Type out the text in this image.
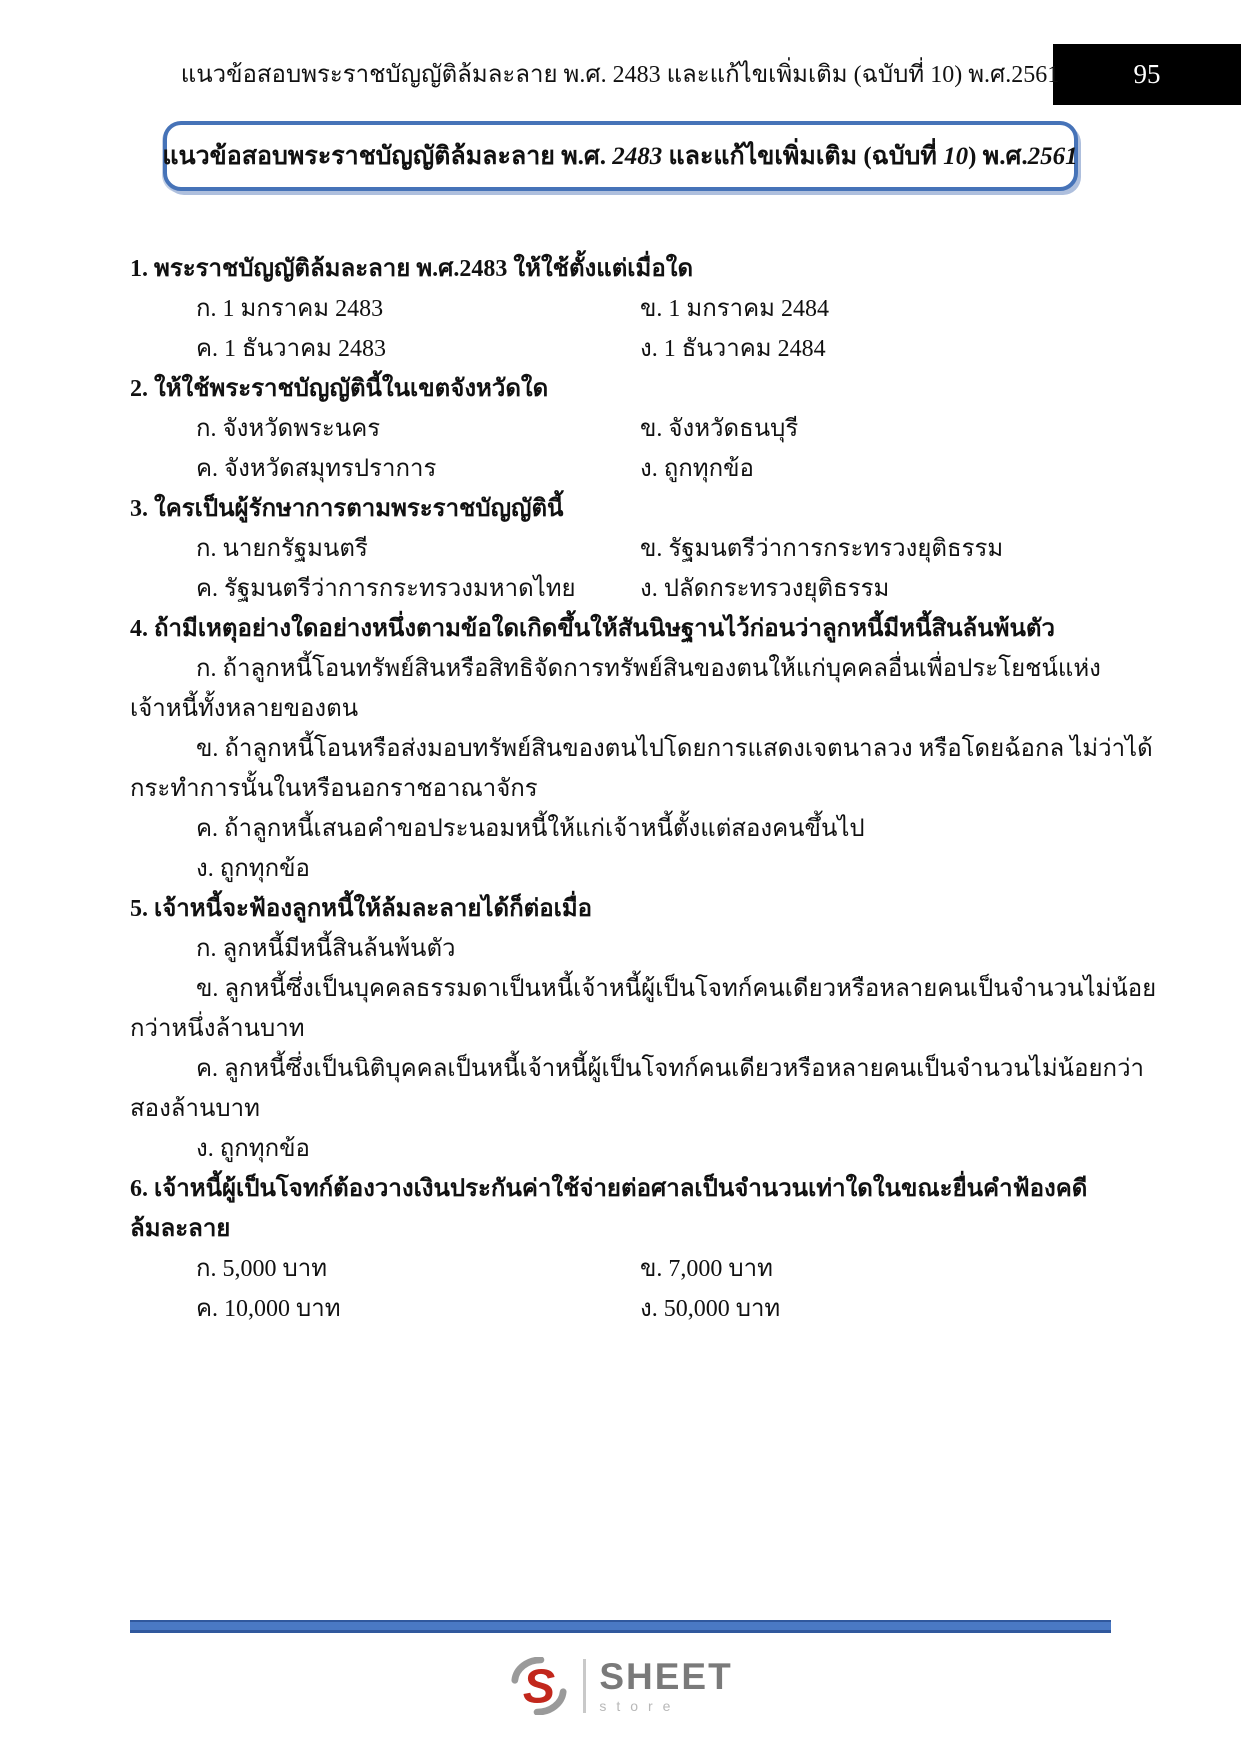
95
แนวข้อสอบพระราชบัญญัติล้มละลาย พ.ศ. 2483 และแก้ไขเพิ่มเติม (ฉบับที่ 10) พ.ศ.2561
แนวข้อสอบพระราชบัญญัติล้มละลาย พ.ศ. 2483 และแก้ไขเพิ่มเติม (ฉบับที่ 10) พ.ศ.2561
1. พระราชบัญญัติล้มละลาย พ.ศ.2483 ให้ใช้ตั้งแต่เมื่อใด
ก. 1 มกราคม 2483	ข. 1 มกราคม 2484
ค. 1 ธันวาคม 2483	ง. 1 ธันวาคม 2484
2. ให้ใช้พระราชบัญญัตินี้ในเขตจังหวัดใด
ก. จังหวัดพระนคร	ข. จังหวัดธนบุรี
ค. จังหวัดสมุทรปราการ	ง. ถูกทุกข้อ
3. ใครเป็นผู้รักษาการตามพระราชบัญญัตินี้
ก. นายกรัฐมนตรี	ข. รัฐมนตรีว่าการกระทรวงยุติธรรม
ค. รัฐมนตรีว่าการกระทรวงมหาดไทย	ง. ปลัดกระทรวงยุติธรรม
4. ถ้ามีเหตุอย่างใดอย่างหนึ่งตามข้อใดเกิดขึ้นให้สันนิษฐานไว้ก่อนว่าลูกหนี้มีหนี้สินล้นพ้นตัว
ก. ถ้าลูกหนี้โอนทรัพย์สินหรือสิทธิจัดการทรัพย์สินของตนให้แก่บุคคลอื่นเพื่อประโยชน์แห่ง
เจ้าหนี้ทั้งหลายของตน
ข. ถ้าลูกหนี้โอนหรือส่งมอบทรัพย์สินของตนไปโดยการแสดงเจตนาลวง หรือโดยฉ้อกล ไม่ว่าได้
กระทำการนั้นในหรือนอกราชอาณาจักร
ค. ถ้าลูกหนี้เสนอคำขอประนอมหนี้ให้แก่เจ้าหนี้ตั้งแต่สองคนขึ้นไป
ง. ถูกทุกข้อ
5. เจ้าหนี้จะฟ้องลูกหนี้ให้ล้มละลายได้ก็ต่อเมื่อ
ก. ลูกหนี้มีหนี้สินล้นพ้นตัว
ข. ลูกหนี้ซึ่งเป็นบุคคลธรรมดาเป็นหนี้เจ้าหนี้ผู้เป็นโจทก์คนเดียวหรือหลายคนเป็นจำนวนไม่น้อย
กว่าหนึ่งล้านบาท
ค. ลูกหนี้ซึ่งเป็นนิติบุคคลเป็นหนี้เจ้าหนี้ผู้เป็นโจทก์คนเดียวหรือหลายคนเป็นจำนวนไม่น้อยกว่า
สองล้านบาท
ง. ถูกทุกข้อ
6. เจ้าหนี้ผู้เป็นโจทก์ต้องวางเงินประกันค่าใช้จ่ายต่อศาลเป็นจำนวนเท่าใดในขณะยื่นคำฟ้องคดี
ล้มละลาย
ก. 5,000 บาท	ข. 7,000 บาท
ค. 10,000 บาท	ง. 50,000 บาท
S SHEET
store
